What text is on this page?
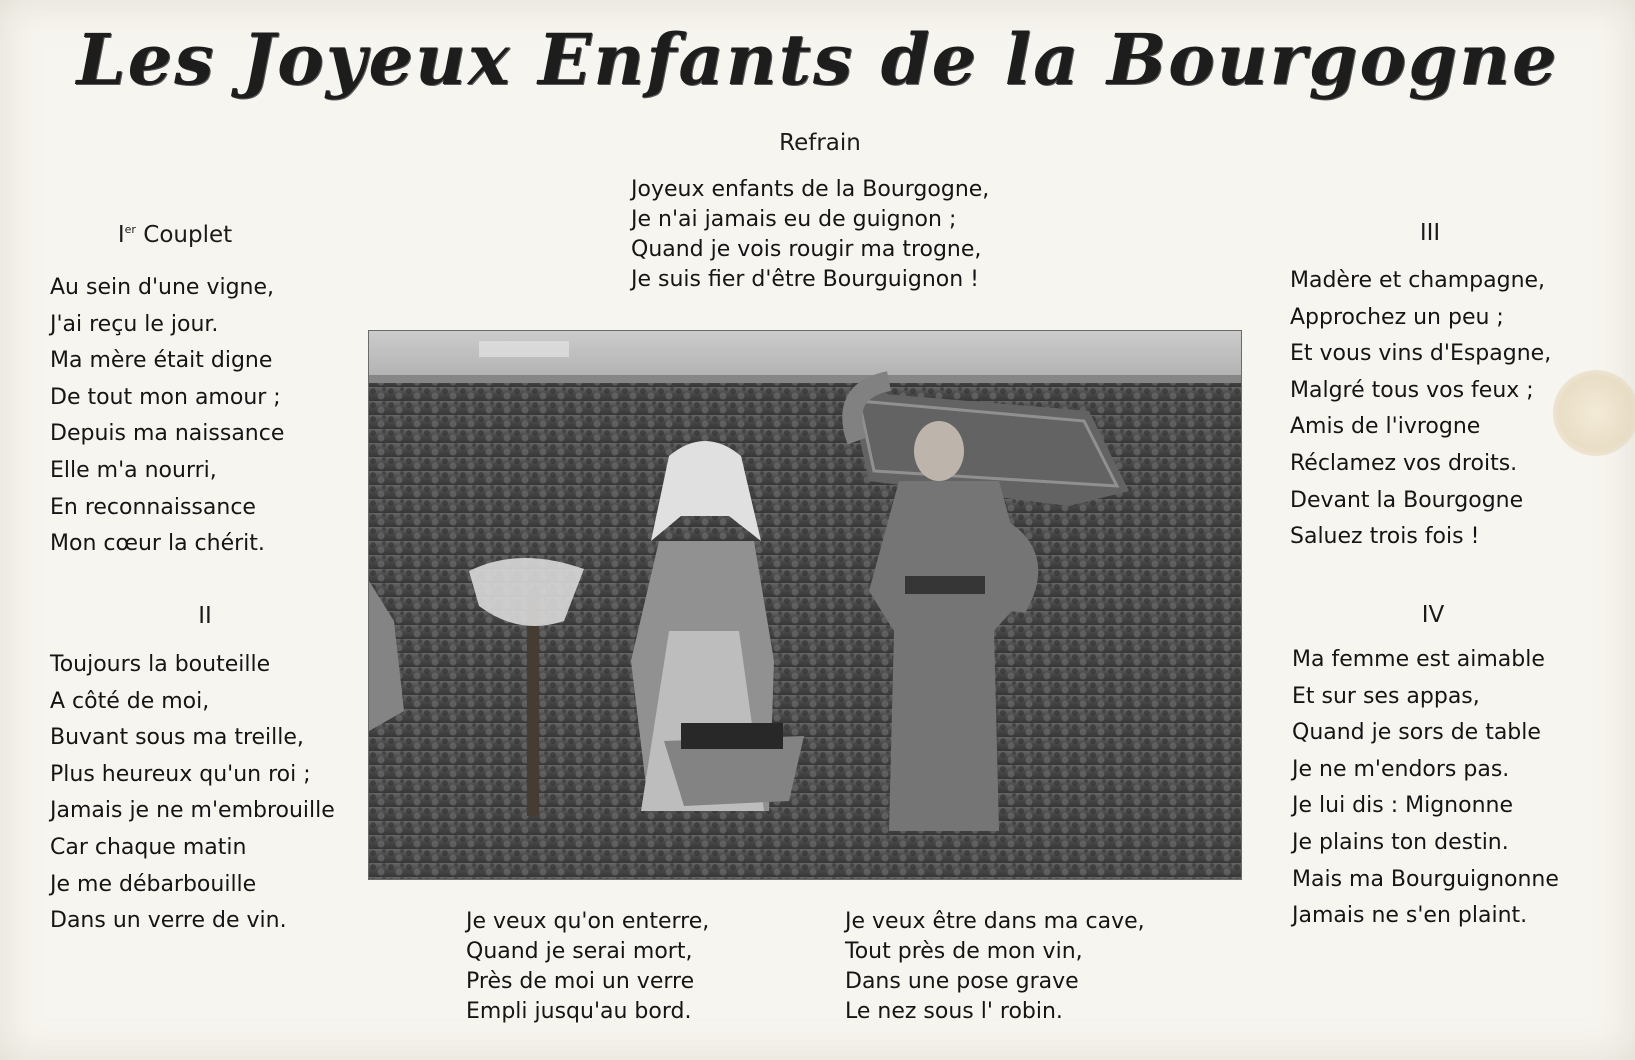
Les Joyeux Enfants de la Bourgogne
Refrain
Joyeux enfants de la Bourgogne,
Je n'ai jamais eu de guignon ;
Quand je vois rougir ma trogne,
Je suis fier d'être Bourguignon !
Ier Couplet
Au sein d'une vigne,
J'ai reçu le jour.
Ma mère était digne
De tout mon amour ;
Depuis ma naissance
Elle m'a nourri,
En reconnaissance
Mon cœur la chérit.
II
Toujours la bouteille
A côté de moi,
Buvant sous ma treille,
Plus heureux qu'un roi ;
Jamais je ne m'embrouille
Car chaque matin
Je me débarbouille
Dans un verre de vin.
III
Madère et champagne,
Approchez un peu ;
Et vous vins d'Espagne,
Malgré tous vos feux ;
Amis de l'ivrogne
Réclamez vos droits.
Devant la Bourgogne
Saluez trois fois !
IV
Ma femme est aimable
Et sur ses appas,
Quand je sors de table
Je ne m'endors pas.
Je lui dis : Mignonne
Je plains ton destin.
Mais ma Bourguignonne
Jamais ne s'en plaint.
Je veux qu'on enterre,
Quand je serai mort,
Près de moi un verre
Empli jusqu'au bord.
Je veux être dans ma cave,
Tout près de mon vin,
Dans une pose grave
Le nez sous l' robin.
